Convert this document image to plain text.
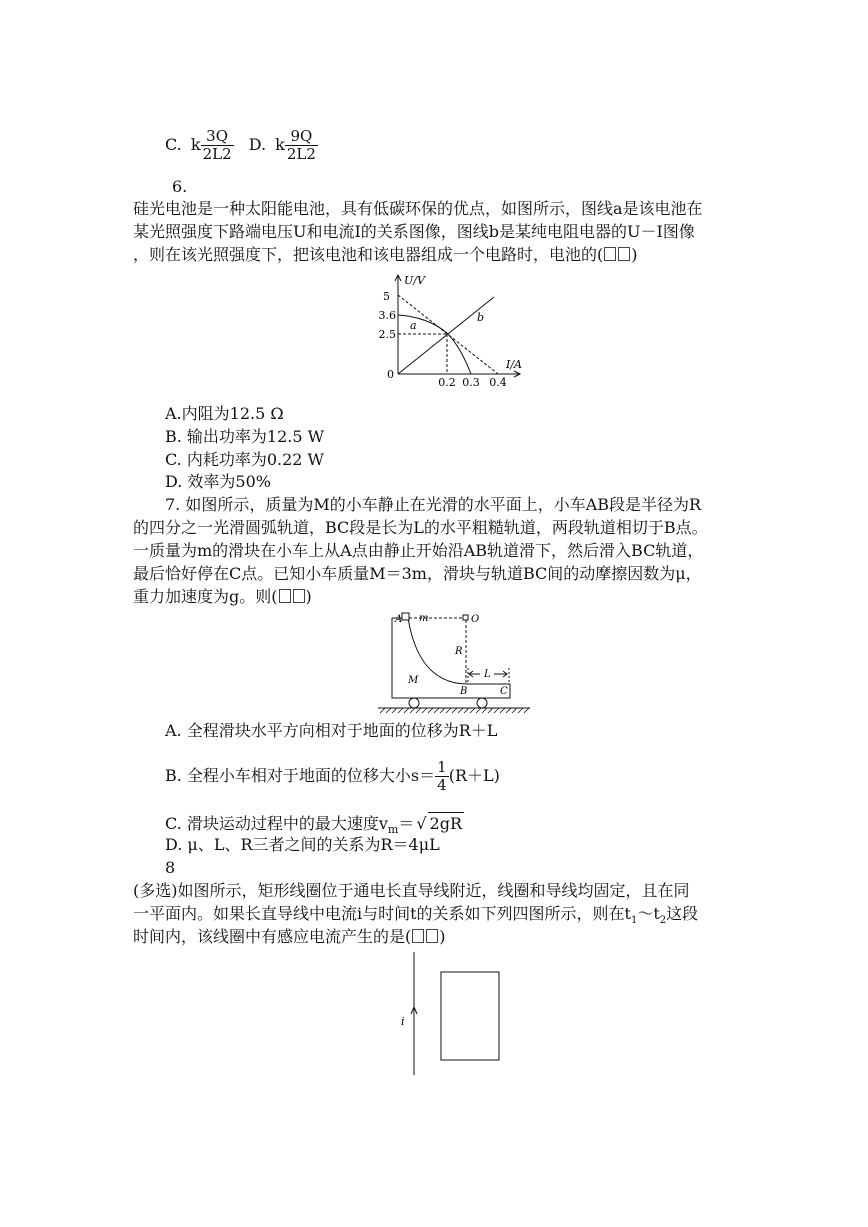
C. k $\frac{3Q}{2L2} D$. k $\frac{9Q}{2L2}$
6.
硅光电池是一种太阳能电池，具有低碳环保的优点，如图所示，图线a是该电池在
某光照强度下路端电压U和电流I的关系图像，图线b是某纯电阻电器的U－I图像
，则在该光照强度下，把该电池和该电器组成一个电路时，电池的( )
U/V
I/A
5
3.6
2.5
0
0.2 0.3 0.4
a
b
A.内阻为12.5 Ω
B. 输出功率为12.5 W
C. 内耗功率为0.22 W
D. 效率为50%
7. 如图所示，质量为M的小车静止在光滑的水平面上，小车AB段是半径为R
的四分之一光滑圆弧轨道，BC段是长为L的水平粗糙轨道，两段轨道相切于B点。
一质量为m的滑块在小车上从A点由静止开始沿AB轨道滑下，然后滑入BC轨道，
最后恰好停在C点。已知小车质量M＝3m，滑块与轨道BC间的动摩擦因数为μ，
重力加速度为g。则( )
A m	O
R
M
B	C
L
A. 全程滑块水平方向相对于地面的位移为R＋L
B. 全程小车相对于地面的位移大小$s= \frac{1}{4} (R+L)$
C. 滑块运动过程中的最大速度$v_m=$ √ 2gR
D. μ、L、R三者之间的关系为R＝4μL
8
(多选)如图所示，矩形线圈位于通电长直导线附近，线圈和导线均固定，且在同
一平面内。如果长直导线中电流i与时间t的关系如下列四图所示，则在$t_1\sim t_2$这段
时间内，该线圈中有感应电流产生的是( )
i
